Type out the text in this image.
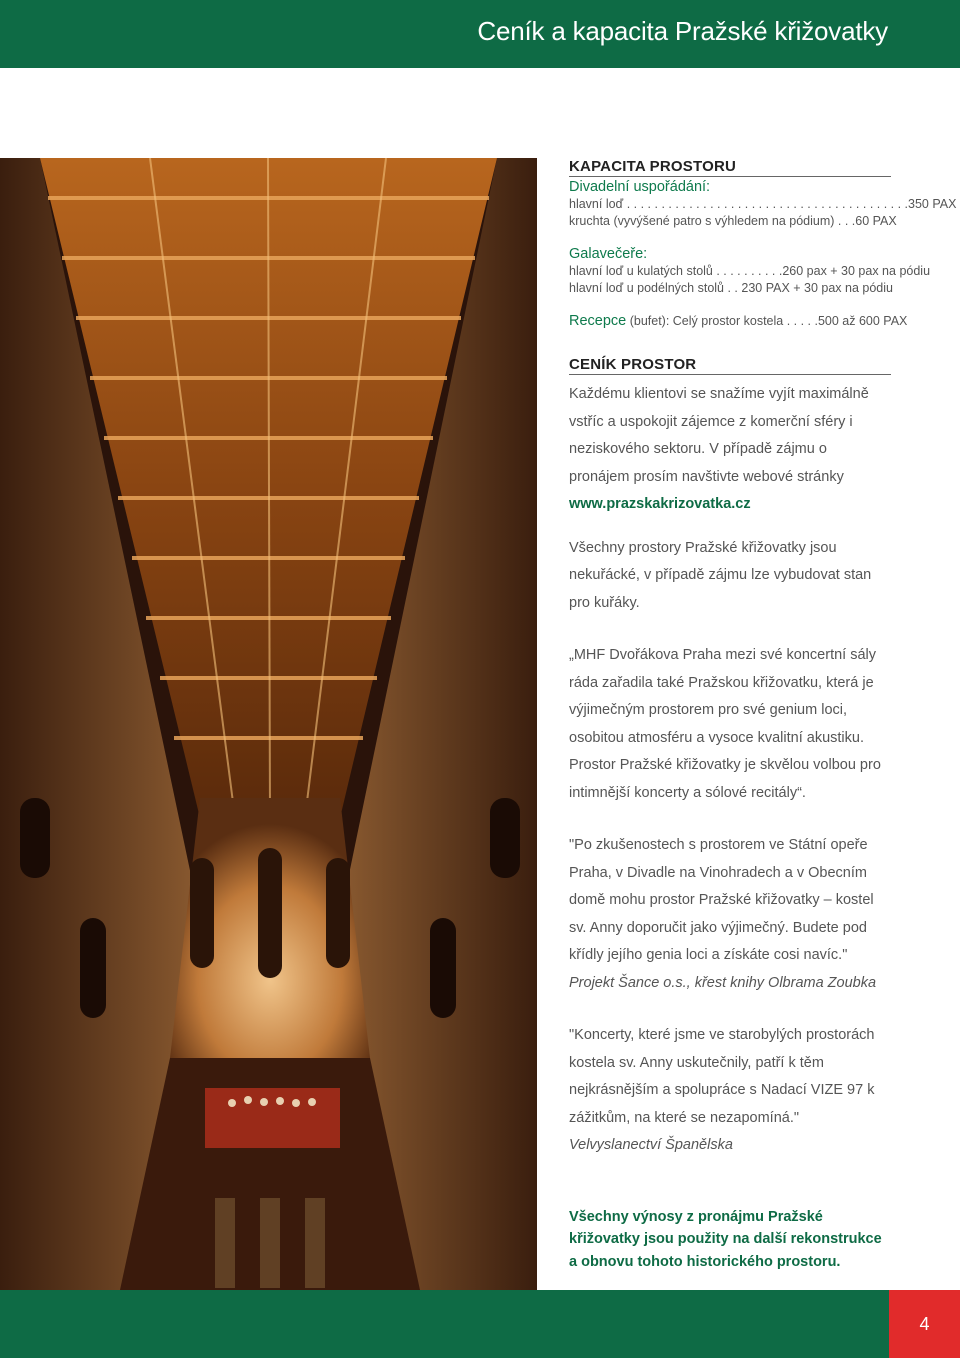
Ceník a kapacita Pražské křižovatky
KAPACITA PROSTORU
Divadelní uspořádání:
hlavní loď . . . . . . . . . . . . . . . . . . . . . . . . . . . . . . . . . . . . . . . . .350 PAX
kruchta (vyvýšené patro s výhledem na pódium) . . .60 PAX
Galavečeře:
hlavní loď u kulatých stolů . . . . . . . . . .260 pax + 30 pax na pódiu
hlavní loď u podélných stolů . . 230 PAX + 30 pax na pódiu
Recepce (bufet): Celý prostor kostela . . . . .500 až 600 PAX
CENÍK PROSTOR

Každému klientovi se snažíme vyjít maximálně vstříc a uspokojit zájemce z komerční sféry i neziskového sektoru. V případě zájmu o pronájem prosím navštivte webové stránky

www.prazskakrizovatka.cz

Všechny prostory Pražské křižovatky jsou nekuřácké, v případě zájmu lze vybudovat stan pro kuřáky.

„MHF Dvořákova Praha mezi své koncertní sály ráda zařadila také Pražskou křižovatku, která je výjimečným prostorem pro své genium loci, osobitou atmosféru a vysoce kvalitní akustiku. Prostor Pražské křižovatky je skvělou volbou pro intimnější koncerty a sólové recitály“.

"Po zkušenostech s prostorem ve Státní opeře Praha, v Divadle na Vinohradech a v Obecním domě mohu prostor Pražské křižovatky – kostel sv. Anny doporučit jako výjimečný. Budete pod křídly jejího genia loci a získáte cosi navíc." Projekt Šance o.s., křest knihy Olbrama Zoubka

"Koncerty, které jsme ve starobylých prostorách kostela sv. Anny uskutečnily, patří k těm nejkrásnějším a spolupráce s Nadací VIZE 97 k zážitkům, na které se nezapomíná."
Velvyslanectví Španělska

Všechny výnosy z pronájmu Pražské křižovatky jsou použity na další rekonstrukce a obnovu tohoto historického prostoru.

4
